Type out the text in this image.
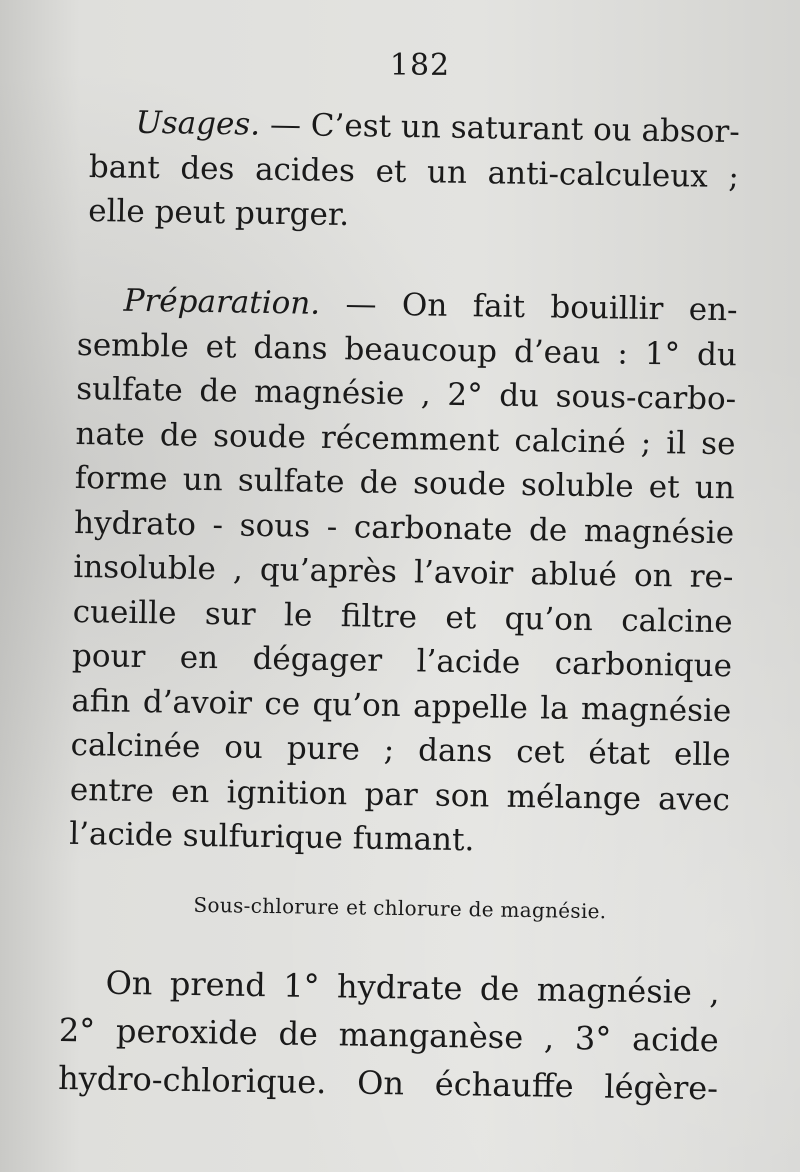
182
Usages. — C’est un saturant ou absor-
bant des acides et un anti-calculeux ;
elle peut purger.
Préparation. — On fait bouillir en-
semble et dans beaucoup d’eau : 1° du
sulfate de magnésie , 2° du sous-carbo-
nate de soude récemment calciné ; il se
forme un sulfate de soude soluble et un
hydrato - sous - carbonate de magnésie
insoluble , qu’après l’avoir ablué on re-
cueille sur le filtre et qu’on calcine
pour en dégager l’acide carbonique
afin d’avoir ce qu’on appelle la magnésie
calcinée ou pure ; dans cet état elle
entre en ignition par son mélange avec
l’acide sulfurique fumant.
Sous-chlorure et chlorure de magnésie.
On prend 1° hydrate de magnésie ,
2° peroxide de manganèse , 3° acide
hydro-chlorique. On échauffe légère-
